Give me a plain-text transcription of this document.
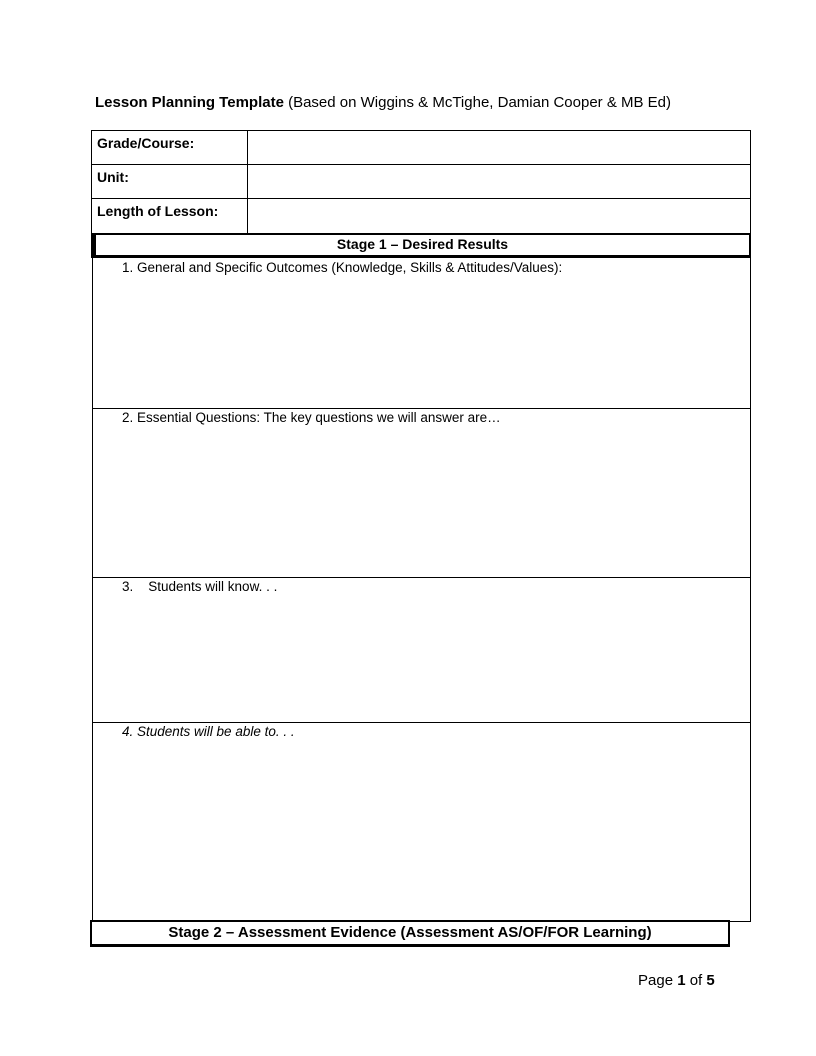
Lesson Planning Template (Based on Wiggins & McTighe, Damian Cooper & MB Ed)
Grade/Course:
Unit:
Length of Lesson:
Stage 1 – Desired Results
1. General and Specific Outcomes (Knowledge, Skills & Attitudes/Values):
2. Essential Questions: The key questions we will answer are…
3. Students will know. . .
4. Students will be able to. . .
Stage 2 – Assessment Evidence (Assessment AS/OF/FOR Learning)
Page 1 of 5
